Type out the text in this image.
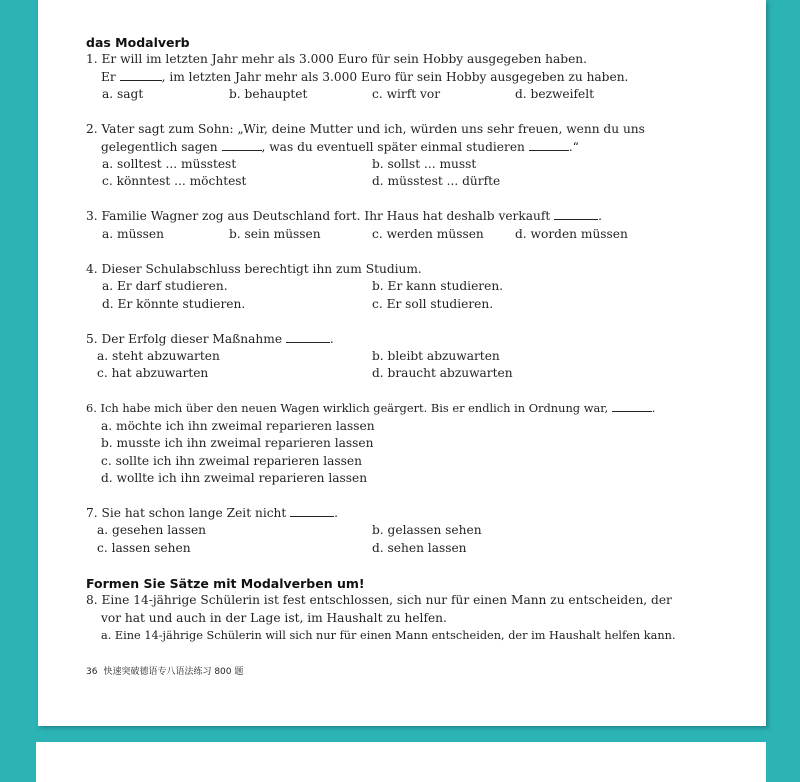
das Modalverb
1. Er will im letzten Jahr mehr als 3.000 Euro für sein Hobby ausgegeben haben.
Er	, im letzten Jahr mehr als 3.000 Euro für sein Hobby ausgegeben zu haben.
a. sagt	b. behauptet	c. wirft vor	d. bezweifelt
2. Vater sagt zum Sohn: „Wir, deine Mutter und ich, würden uns sehr freuen, wenn du uns
gelegentlich sagen	, was du eventuell später einmal studieren	.“
a. solltest ... müsstest	b. sollst ... musst
c. könntest ... möchtest	d. müsstest ... dürfte
3. Familie Wagner zog aus Deutschland fort. Ihr Haus hat deshalb verkauft	.
a. müssen	b. sein müssen	c. werden müssen	d. worden müssen
4. Dieser Schulabschluss berechtigt ihn zum Studium.
a. Er darf studieren.	b. Er kann studieren.
d. Er könnte studieren.	c. Er soll studieren.
5. Der Erfolg dieser Maßnahme	.
a. steht abzuwarten	b. bleibt abzuwarten
c. hat abzuwarten	d. braucht abzuwarten
6. Ich habe mich über den neuen Wagen wirklich geärgert. Bis er endlich in Ordnung war,	.
a. möchte ich ihn zweimal reparieren lassen
b. musste ich ihn zweimal reparieren lassen
c. sollte ich ihn zweimal reparieren lassen
d. wollte ich ihn zweimal reparieren lassen
7. Sie hat schon lange Zeit nicht	.
a. gesehen lassen	b. gelassen sehen
c. lassen sehen	d. sehen lassen
Formen Sie Sätze mit Modalverben um!
8. Eine 14-jährige Schülerin ist fest entschlossen, sich nur für einen Mann zu entscheiden, der
vor hat und auch in der Lage ist, im Haushalt zu helfen.
a. Eine 14-jährige Schülerin will sich nur für einen Mann entscheiden, der im Haushalt helfen kann.
36 快速突破德语专八语法练习 800 题
